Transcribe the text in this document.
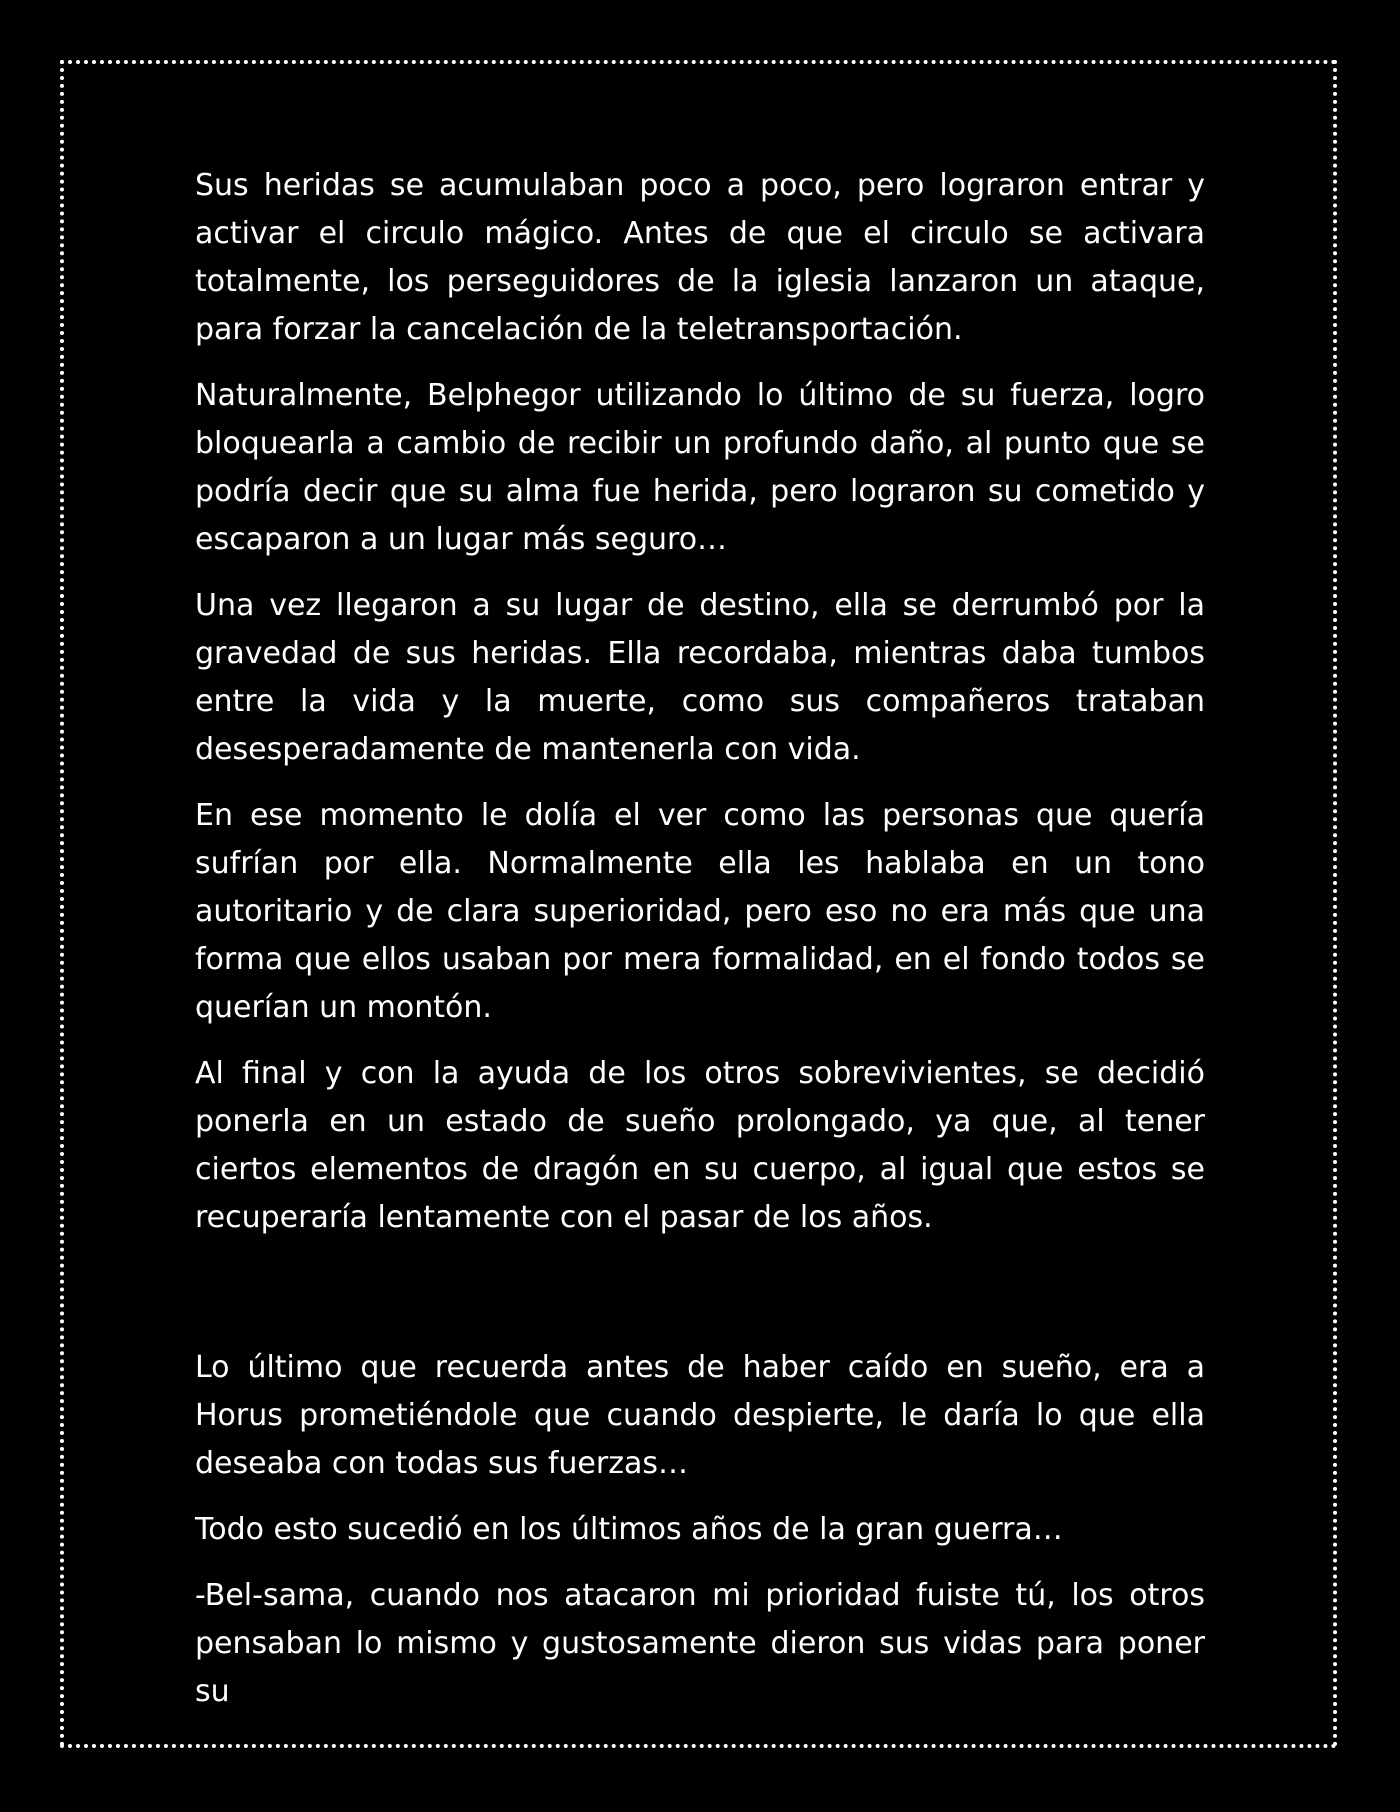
Sus heridas se acumulaban poco a poco, pero lograron entrar y activar el circulo mágico. Antes de que el circulo se activara totalmente, los perseguidores de la iglesia lanzaron un ataque, para forzar la cancelación de la teletransportación.

Naturalmente, Belphegor utilizando lo último de su fuerza, logro bloquearla a cambio de recibir un profundo daño, al punto que se podría decir que su alma fue herida, pero lograron su cometido y escaparon a un lugar más seguro…

Una vez llegaron a su lugar de destino, ella se derrumbó por la gravedad de sus heridas. Ella recordaba, mientras daba tumbos entre la vida y la muerte, como sus compañeros trataban desesperadamente de mantenerla con vida.

En ese momento le dolía el ver como las personas que quería sufrían por ella. Normalmente ella les hablaba en un tono autoritario y de clara superioridad, pero eso no era más que una forma que ellos usaban por mera formalidad, en el fondo todos se querían un montón.

Al final y con la ayuda de los otros sobrevivientes, se decidió ponerla en un estado de sueño prolongado, ya que, al tener ciertos elementos de dragón en su cuerpo, al igual que estos se recuperaría lentamente con el pasar de los años.

Lo último que recuerda antes de haber caído en sueño, era a Horus prometiéndole que cuando despierte, le daría lo que ella deseaba con todas sus fuerzas…

Todo esto sucedió en los últimos años de la gran guerra…

-Bel-sama, cuando nos atacaron mi prioridad fuiste tú, los otros pensaban lo mismo y gustosamente dieron sus vidas para poner su
